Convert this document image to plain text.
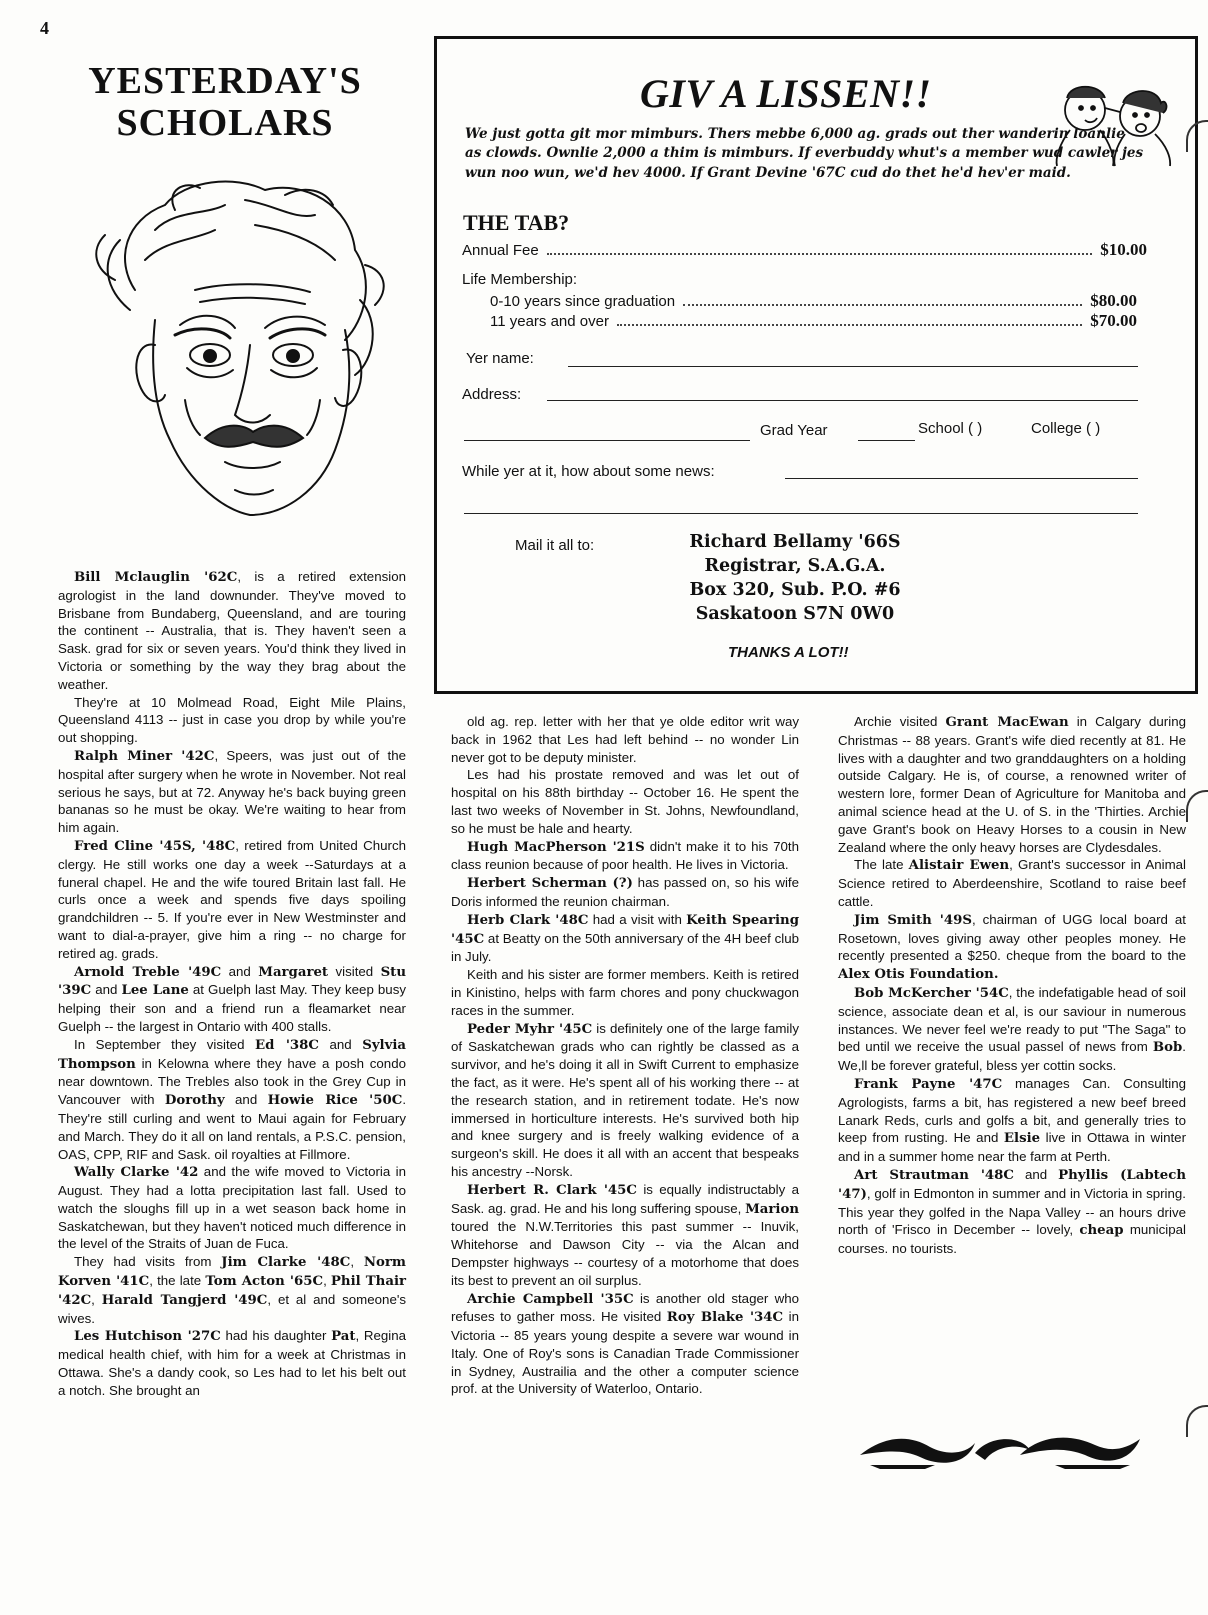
4
YESTERDAY'S
SCHOLARS

Bill Mclauglin '62C, is a retired extension agrologist in the land downunder. They've moved to Brisbane from Bundaberg, Queensland, and are touring the continent -- Australia, that is. They haven't seen a Sask. grad for six or seven years. You'd think they lived in Victoria or something by the way they brag about the weather.

They're at 10 Molmead Road, Eight Mile Plains, Queensland 4113 -- just in case you drop by while you're out shopping.

Ralph Miner '42C, Speers, was just out of the hospital after surgery when he wrote in November. Not real serious he says, but at 72. Anyway he's back buying green bananas so he must be okay. We're waiting to hear from him again.

Fred Cline '45S, '48C, retired from United Church clergy. He still works one day a week --Saturdays at a funeral chapel. He and the wife toured Britain last fall. He curls once a week and spends five days spoiling grandchildren -- 5. If you're ever in New Westminster and want to dial-a-prayer, give him a ring -- no charge for retired ag. grads.

Arnold Treble '49C and Margaret visited Stu '39C and Lee Lane at Guelph last May. They keep busy helping their son and a friend run a fleamarket near Guelph -- the largest in Ontario with 400 stalls.

In September they visited Ed '38C and Sylvia Thompson in Kelowna where they have a posh condo near downtown. The Trebles also took in the Grey Cup in Vancouver with Dorothy and Howie Rice '50C. They're still curling and went to Maui again for February and March. They do it all on land rentals, a P.S.C. pension, OAS, CPP, RIF and Sask. oil royalties at Fillmore.

Wally Clarke '42 and the wife moved to Victoria in August. They had a lotta precipitation last fall. Used to watch the sloughs fill up in a wet season back home in Saskatchewan, but they haven't noticed much difference in the level of the Straits of Juan de Fuca.

They had visits from Jim Clarke '48C, Norm Korven '41C, the late Tom Acton '65C, Phil Thair '42C, Harald Tangjerd '49C, et al and someone's wives.

Les Hutchison '27C had his daughter Pat, Regina medical health chief, with him for a week at Christmas in Ottawa. She's a dandy cook, so Les had to let his belt out a notch. She brought an

old ag. rep. letter with her that ye olde editor writ way back in 1962 that Les had left behind -- no wonder Lin never got to be deputy minister.

Les had his prostate removed and was let out of hospital on his 88th birthday -- October 16. He spent the last two weeks of November in St. Johns, Newfoundland, so he must be hale and hearty.

Hugh MacPherson '21S didn't make it to his 70th class reunion because of poor health. He lives in Victoria.

Herbert Scherman (?) has passed on, so his wife Doris informed the reunion chairman.

Herb Clark '48C had a visit with Keith Spearing '45C at Beatty on the 50th anniversary of the 4H beef club in July.

Keith and his sister are former members. Keith is retired in Kinistino, helps with farm chores and pony chuckwagon races in the summer.

Peder Myhr '45C is definitely one of the large family of Saskatchewan grads who can rightly be classed as a survivor, and he's doing it all in Swift Current to emphasize the fact, as it were. He's spent all of his working there -- at the research station, and in retirement todate. He's now immersed in horticulture interests. He's survived both hip and knee surgery and is freely walking evidence of a surgeon's skill. He does it all with an accent that bespeaks his ancestry --Norsk.

Herbert R. Clark '45C is equally indistructably a Sask. ag. grad. He and his long suffering spouse, Marion toured the N.W.Territories this past summer -- Inuvik, Whitehorse and Dawson City -- via the Alcan and Dempster highways -- courtesy of a motorhome that does its best to prevent an oil surplus.

Archie Campbell '35C is another old stager who refuses to gather moss. He visited Roy Blake '34C in Victoria -- 85 years young despite a severe war wound in Italy. One of Roy's sons is Canadian Trade Commissioner in Sydney, Austrailia and the other a computer science prof. at the University of Waterloo, Ontario.

Archie visited Grant MacEwan in Calgary during Christmas -- 88 years. Grant's wife died recently at 81. He lives with a daughter and two granddaughters on a holding outside Calgary. He is, of course, a renowned writer of western lore, former Dean of Agriculture for Manitoba and animal science head at the U. of S. in the 'Thirties. Archie gave Grant's book on Heavy Horses to a cousin in New Zealand where the only heavy horses are Clydesdales.

The late Alistair Ewen, Grant's successor in Animal Science retired to Aberdeenshire, Scotland to raise beef cattle.

Jim Smith '49S, chairman of UGG local board at Rosetown, loves giving away other peoples money. He recently presented a $250. cheque from the board to the Alex Otis Foundation.

Bob McKercher '54C, the indefatigable head of soil science, associate dean et al, is our saviour in numerous instances. We never feel we're ready to put "The Saga" to bed until we receive the usual passel of news from Bob. We,ll be forever grateful, bless yer cottin socks.

Frank Payne '47C manages Can. Consulting Agrologists, farms a bit, has registered a new beef breed Lanark Reds, curls and golfs a bit, and generally tries to keep from rusting. He and Elsie live in Ottawa in winter and in a summer home near the farm at Perth.

Art Strautman '48C and Phyllis (Labtech '47), golf in Edmonton in summer and in Victoria in spring. This year they golfed in the Napa Valley -- an hours drive north of 'Frisco in December -- lovely, cheap municipal courses. no tourists.

GIV A LISSEN!!
We just gotta git mor mimburs. Thers mebbe 6,000 ag. grads out ther wanderin loanlie as clowds. Ownlie 2,000 a thim is mimburs. If everbuddy whut's a member wud cawler jes wun noo wun, we'd hev 4000. If Grant Devine '67C cud do thet he'd hev'er maid.
THE TAB?
Annual Fee	$10.00
Life Membership:
0-10 years since graduation	$80.00
11 years and over	$70.00
Yer name:
Address:
Grad Year	School ( )	College ( )
While yer at it, how about some news:
Mail it all to:	Richard Bellamy '66S
Registrar, S.A.G.A.
Box 320, Sub. P.O. #6
Saskatoon S7N 0W0
THANKS A LOT!!
